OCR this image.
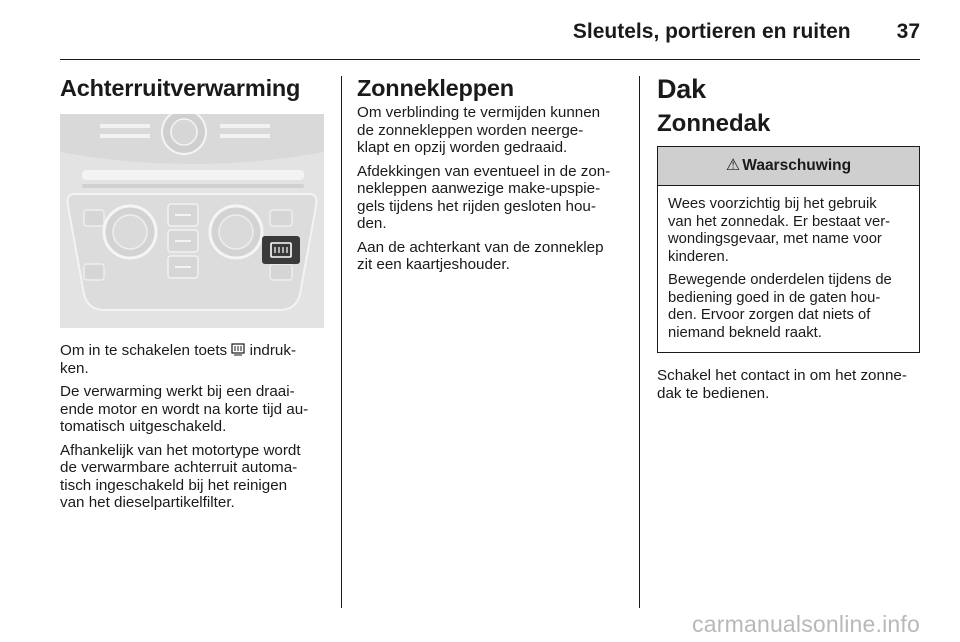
Sleutels, portieren en ruiten 37
Achterruitverwarming

Om in te schakelen toets  indruk-
ken.

De verwarming werkt bij een draai-
ende motor en wordt na korte tijd au-
tomatisch uitgeschakeld.

Afhankelijk van het motortype wordt
de verwarmbare achterruit automa-
tisch ingeschakeld bij het reinigen
van het dieselpartikelfilter.

Zonnekleppen

Om verblinding te vermijden kunnen
de zonnekleppen worden neerge-
klapt en opzij worden gedraaid.

Afdekkingen van eventueel in de zon-
nekleppen aanwezige make-upspie-
gels tijdens het rijden gesloten hou-
den.

Aan de achterkant van de zonneklep
zit een kaartjeshouder.

Dak
Zonnedak
⚠ Waarschuwing

Wees voorzichtig bij het gebruik
van het zonnedak. Er bestaat ver-
wondingsgevaar, met name voor
kinderen.

Bewegende onderdelen tijdens de
bediening goed in de gaten hou-
den. Ervoor zorgen dat niets of
niemand bekneld raakt.

Schakel het contact in om het zonne-
dak te bedienen.

carmanualsonline.info
